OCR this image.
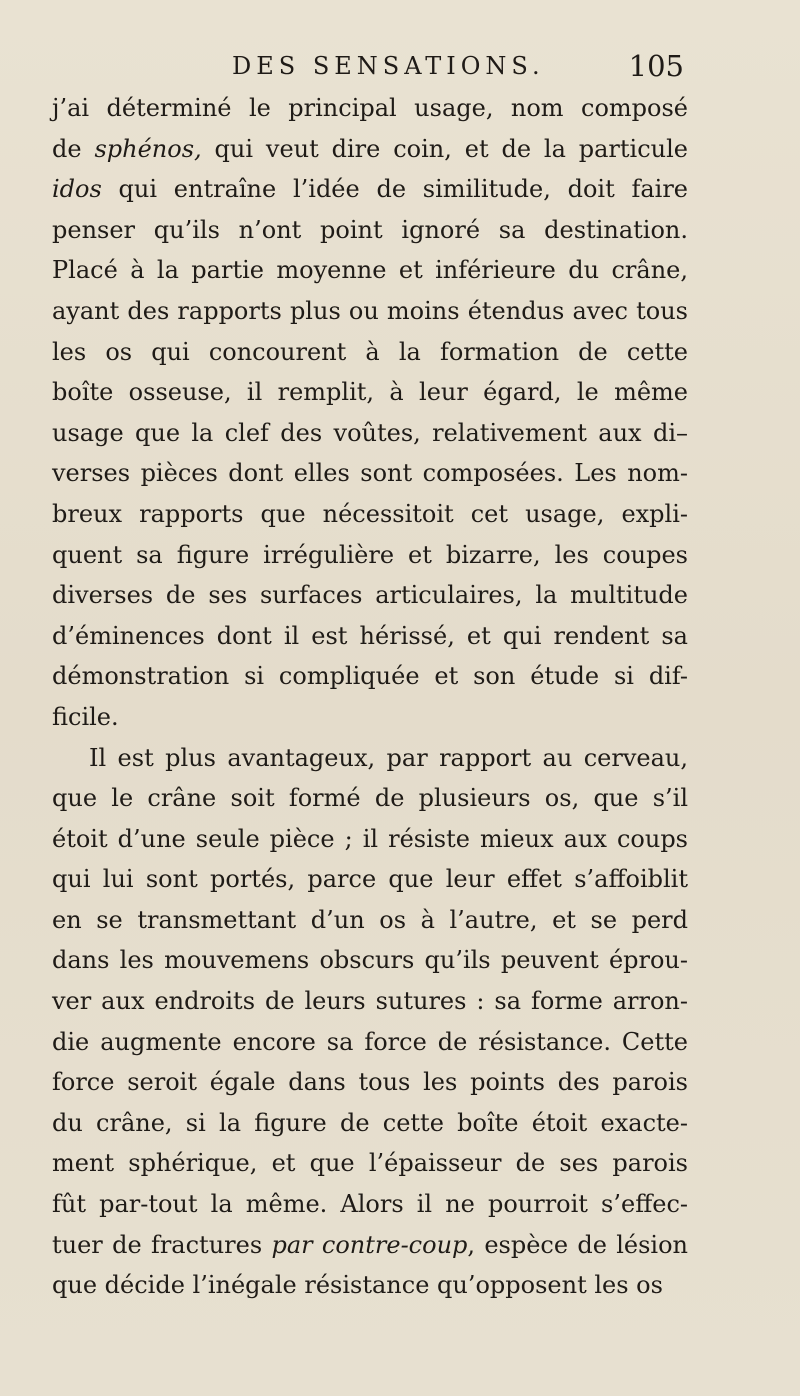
DES SENSATIONS.	105
j’ai déterminé le principal usage, nom composé
de sphénos, qui veut dire coin, et de la particule
idos qui entraîne l’idée de similitude, doit faire
penser qu’ils n’ont point ignoré sa destination.
Placé à la partie moyenne et inférieure du crâne,
ayant des rapports plus ou moins étendus avec tous
les os qui concourent à la formation de cette
boîte osseuse, il remplit, à leur égard, le même
usage que la clef des voûtes, relativement aux di–
verses pièces dont elles sont composées. Les nom-
breux rapports que nécessitoit cet usage, expli-
quent sa figure irrégulière et bizarre, les coupes
diverses de ses surfaces articulaires, la multitude
d’éminences dont il est hérissé, et qui rendent sa
démonstration si compliquée et son étude si dif-
ficile.
Il est plus avantageux, par rapport au cerveau,
que le crâne soit formé de plusieurs os, que s’il
étoit d’une seule pièce ; il résiste mieux aux coups
qui lui sont portés, parce que leur effet s’affoiblit
en se transmettant d’un os à l’autre, et se perd
dans les mouvemens obscurs qu’ils peuvent éprou-
ver aux endroits de leurs sutures : sa forme arron-
die augmente encore sa force de résistance. Cette
force seroit égale dans tous les points des parois
du crâne, si la figure de cette boîte étoit exacte-
ment sphérique, et que l’épaisseur de ses parois
fût par-tout la même. Alors il ne pourroit s’effec-
tuer de fractures par contre-coup, espèce de lésion
que décide l’inégale résistance qu’opposent les os
